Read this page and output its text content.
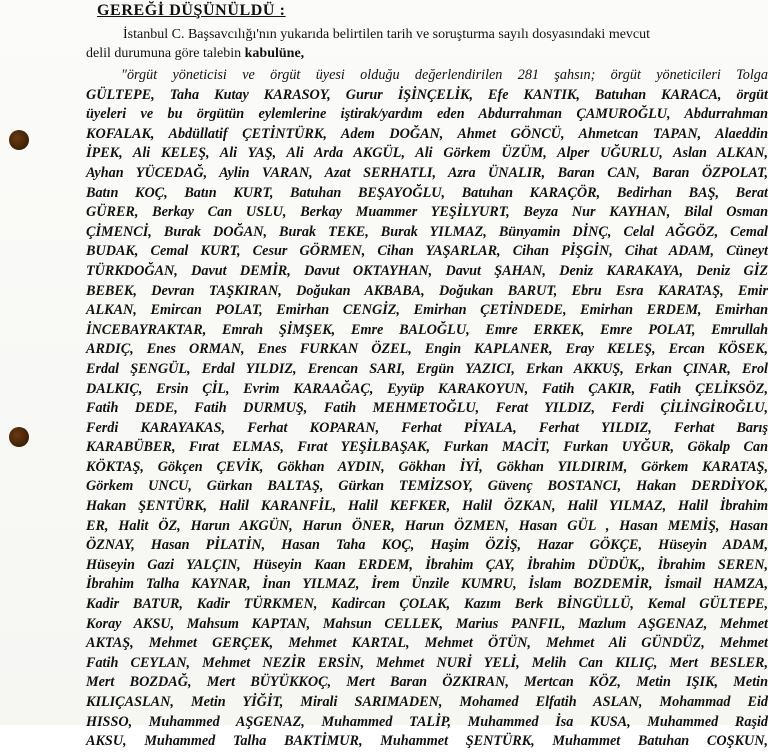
GEREĞİ DÜŞÜNÜLDÜ :
İstanbul C. Başsavcılığı'nın yukarıda belirtilen tarih ve soruşturma sayılı dosyasındaki mevcut
delil durumuna göre talebin kabulüne,
"örgüt yöneticisi ve örgüt üyesi olduğu değerlendirilen 281 şahsın; örgüt yöneticileri Tolga
GÜLTEPE, Taha Kutay KARASOY, Gurur İŞİNÇELİK, Efe KANTIK, Batuhan KARACA, örgüt
üyeleri ve bu örgütün eylemlerine iştirak/yardım eden Abdurrahman ÇAMUROĞLU, Abdurrahman
KOFALAK, Abdüllatif ÇETİNTÜRK, Adem DOĞAN, Ahmet GÖNCÜ, Ahmetcan TAPAN, Alaeddin
İPEK, Ali KELEŞ, Ali YAŞ, Ali Arda AKGÜL, Ali Görkem ÜZÜM, Alper UĞURLU, Aslan ALKAN,
Ayhan YÜCEDAĞ, Aylin VARAN, Azat SERHATLI, Azra ÜNALIR, Baran CAN, Baran ÖZPOLAT,
Batın KOÇ, Batın KURT, Batuhan BEŞAYOĞLU, Batuhan KARAÇÖR, Bedirhan BAŞ, Berat
GÜRER, Berkay Can USLU, Berkay Muammer YEŞİLYURT, Beyza Nur KAYHAN, Bilal Osman
ÇİMENCİ, Burak DOĞAN, Burak TEKE, Burak YILMAZ, Bünyamin DİNÇ, Celal AĞGÖZ, Cemal
BUDAK, Cemal KURT, Cesur GÖRMEN, Cihan YAŞARLAR, Cihan PİŞGİN, Cihat ADAM, Cüneyt
TÜRKDOĞAN, Davut DEMİR, Davut OKTAYHAN, Davut ŞAHAN, Deniz KARAKAYA, Deniz GİZ
BEBEK, Devran TAŞKIRAN, Doğukan AKBABA, Doğukan BARUT, Ebru Esra KARATAŞ, Emir
ALKAN, Emircan POLAT, Emirhan CENGİZ, Emirhan ÇETİNDEDE, Emirhan ERDEM, Emirhan
İNCEBAYRAKTAR, Emrah ŞİMŞEK, Emre BALOĞLU, Emre ERKEK, Emre POLAT, Emrullah
ARDIÇ, Enes ORMAN, Enes FURKAN ÖZEL, Engin KAPLANER, Eray KELEŞ, Ercan KÖSEK,
Erdal ŞENGÜL, Erdal YILDIZ, Erencan SARI, Ergün YAZICI, Erkan AKKUŞ, Erkan ÇINAR, Erol
DALKIÇ, Ersin ÇİL, Evrim KARAAĞAÇ, Eyyüp KARAKOYUN, Fatih ÇAKIR, Fatih ÇELİKSÖZ,
Fatih DEDE, Fatih DURMUŞ, Fatih MEHMETOĞLU, Ferat YILDIZ, Ferdi ÇİLİNGİROĞLU,
Ferdi KARAYAKAS, Ferhat KOPARAN, Ferhat PİYALA, Ferhat YILDIZ, Ferhat Barış
KARABÜBER, Fırat ELMAS, Fırat YEŞİLBAŞAK, Furkan MACİT, Furkan UYĞUR, Gökalp Can
KÖKTAŞ, Gökçen ÇEVİK, Gökhan AYDIN, Gökhan İYİ, Gökhan YILDIRIM, Görkem KARATAŞ,
Görkem UNCU, Gürkan BALTAŞ, Gürkan TEMİZSOY, Güvenç BOSTANCI, Hakan DERDİYOK,
Hakan ŞENTÜRK, Halil KARANFİL, Halil KEFKER, Halil ÖZKAN, Halil YILMAZ, Halil İbrahim
ER, Halit ÖZ, Harun AKGÜN, Harun ÖNER, Harun ÖZMEN, Hasan GÜL , Hasan MEMİŞ, Hasan
ÖZNAY, Hasan PİLATİN, Hasan Taha KOÇ, Haşim ÖZİŞ, Hazar GÖKÇE, Hüseyin ADAM,
Hüseyin Gazi YALÇIN, Hüseyin Kaan ERDEM, İbrahim ÇAY, İbrahim DÜDÜK,, İbrahim SEREN,
İbrahim Talha KAYNAR, İnan YILMAZ, İrem Ünzile KUMRU, İslam BOZDEMİR, İsmail HAMZA,
Kadir BATUR, Kadir TÜRKMEN, Kadircan ÇOLAK, Kazım Berk BİNGÜLLÜ, Kemal GÜLTEPE,
Koray AKSU, Mahsum KAPTAN, Mahsun CELLEK, Marius PANFIL, Mazlum AŞGENAZ, Mehmet
AKTAŞ, Mehmet GERÇEK, Mehmet KARTAL, Mehmet ÖTÜN, Mehmet Ali GÜNDÜZ, Mehmet
Fatih CEYLAN, Mehmet NEZİR ERSİN, Mehmet NURİ YELİ, Melih Can KILIÇ, Mert BESLER,
Mert BOZDAĞ, Mert BÜYÜKKOÇ, Mert Baran ÖZKIRAN, Mertcan KÖZ, Metin IŞIK, Metin
KILIÇASLAN, Metin YİĞİT, Mirali SARIMADEN, Mohamed Elfatih ASLAN, Mohammad Eid
HISSO, Muhammed AŞGENAZ, Muhammed TALİP, Muhammed İsa KUSA, Muhammed Raşid
AKSU, Muhammed Talha BAKTİMUR, Muhammet ŞENTÜRK, Muhammet Batuhan COŞKUN,
